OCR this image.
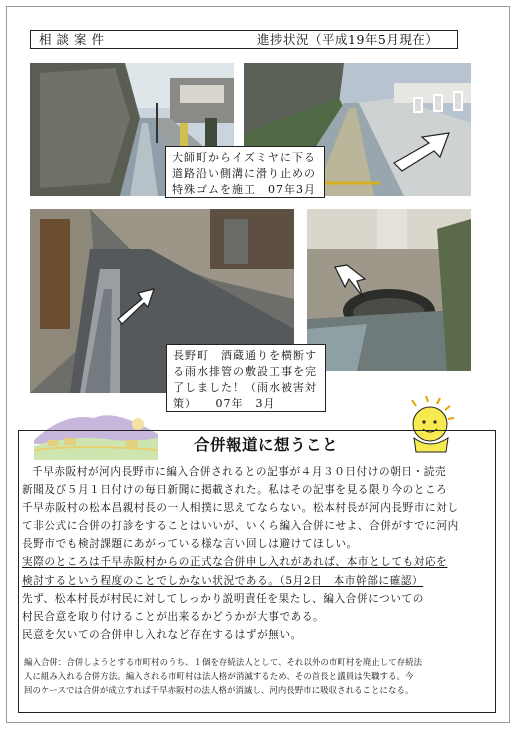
相談案件	進捗状況（平成19年5月現在）
大師町からイズミヤに下る
道路沿い側溝に滑り止めの
特殊ゴムを施工　07年3月
長野町　酒蔵通りを横断す
る雨水排管の敷設工事を完
了しました！（雨水被害対
策）　　07年　3月
合併報道に想うこと
千早赤阪村が河内長野市に編入合併されるとの記事が４月３０日付けの朝日・読売
新聞及び５月１日付けの毎日新聞に掲載された。私はその記事を見る限り今のところ
千早赤阪村の松本昌親村長の一人相撲に思えてならない。松本村長が河内長野市に対し
て非公式に合併の打診をすることはいいが、いくら編入合併にせよ、合併がすでに河内
長野市でも検討課題にあがっている様な言い回しは避けてほしい。
実際のところは千早赤阪村からの正式な合併申し入れがあれば、本市としても対応を
検討するという程度のことでしかない状況である。（5月2日　本市幹部に確認）
先ず、松本村長が村民に対してしっかり説明責任を果たし、編入合併についての
村民合意を取り付けることが出来るかどうかが大事である。
民意を欠いての合併申し入れなど存在するはずが無い。
編入合併：合併しようとする市町村のうち、１個を存続法人として、それ以外の市町村を廃止して存続法
人に組み入れる合併方法。編入される市町村は法人格が消滅するため、その首長と議員は失職する。今
回のケースでは合併が成立すれば千早赤阪村の法人格が消滅し、河内長野市に吸収されることになる。
